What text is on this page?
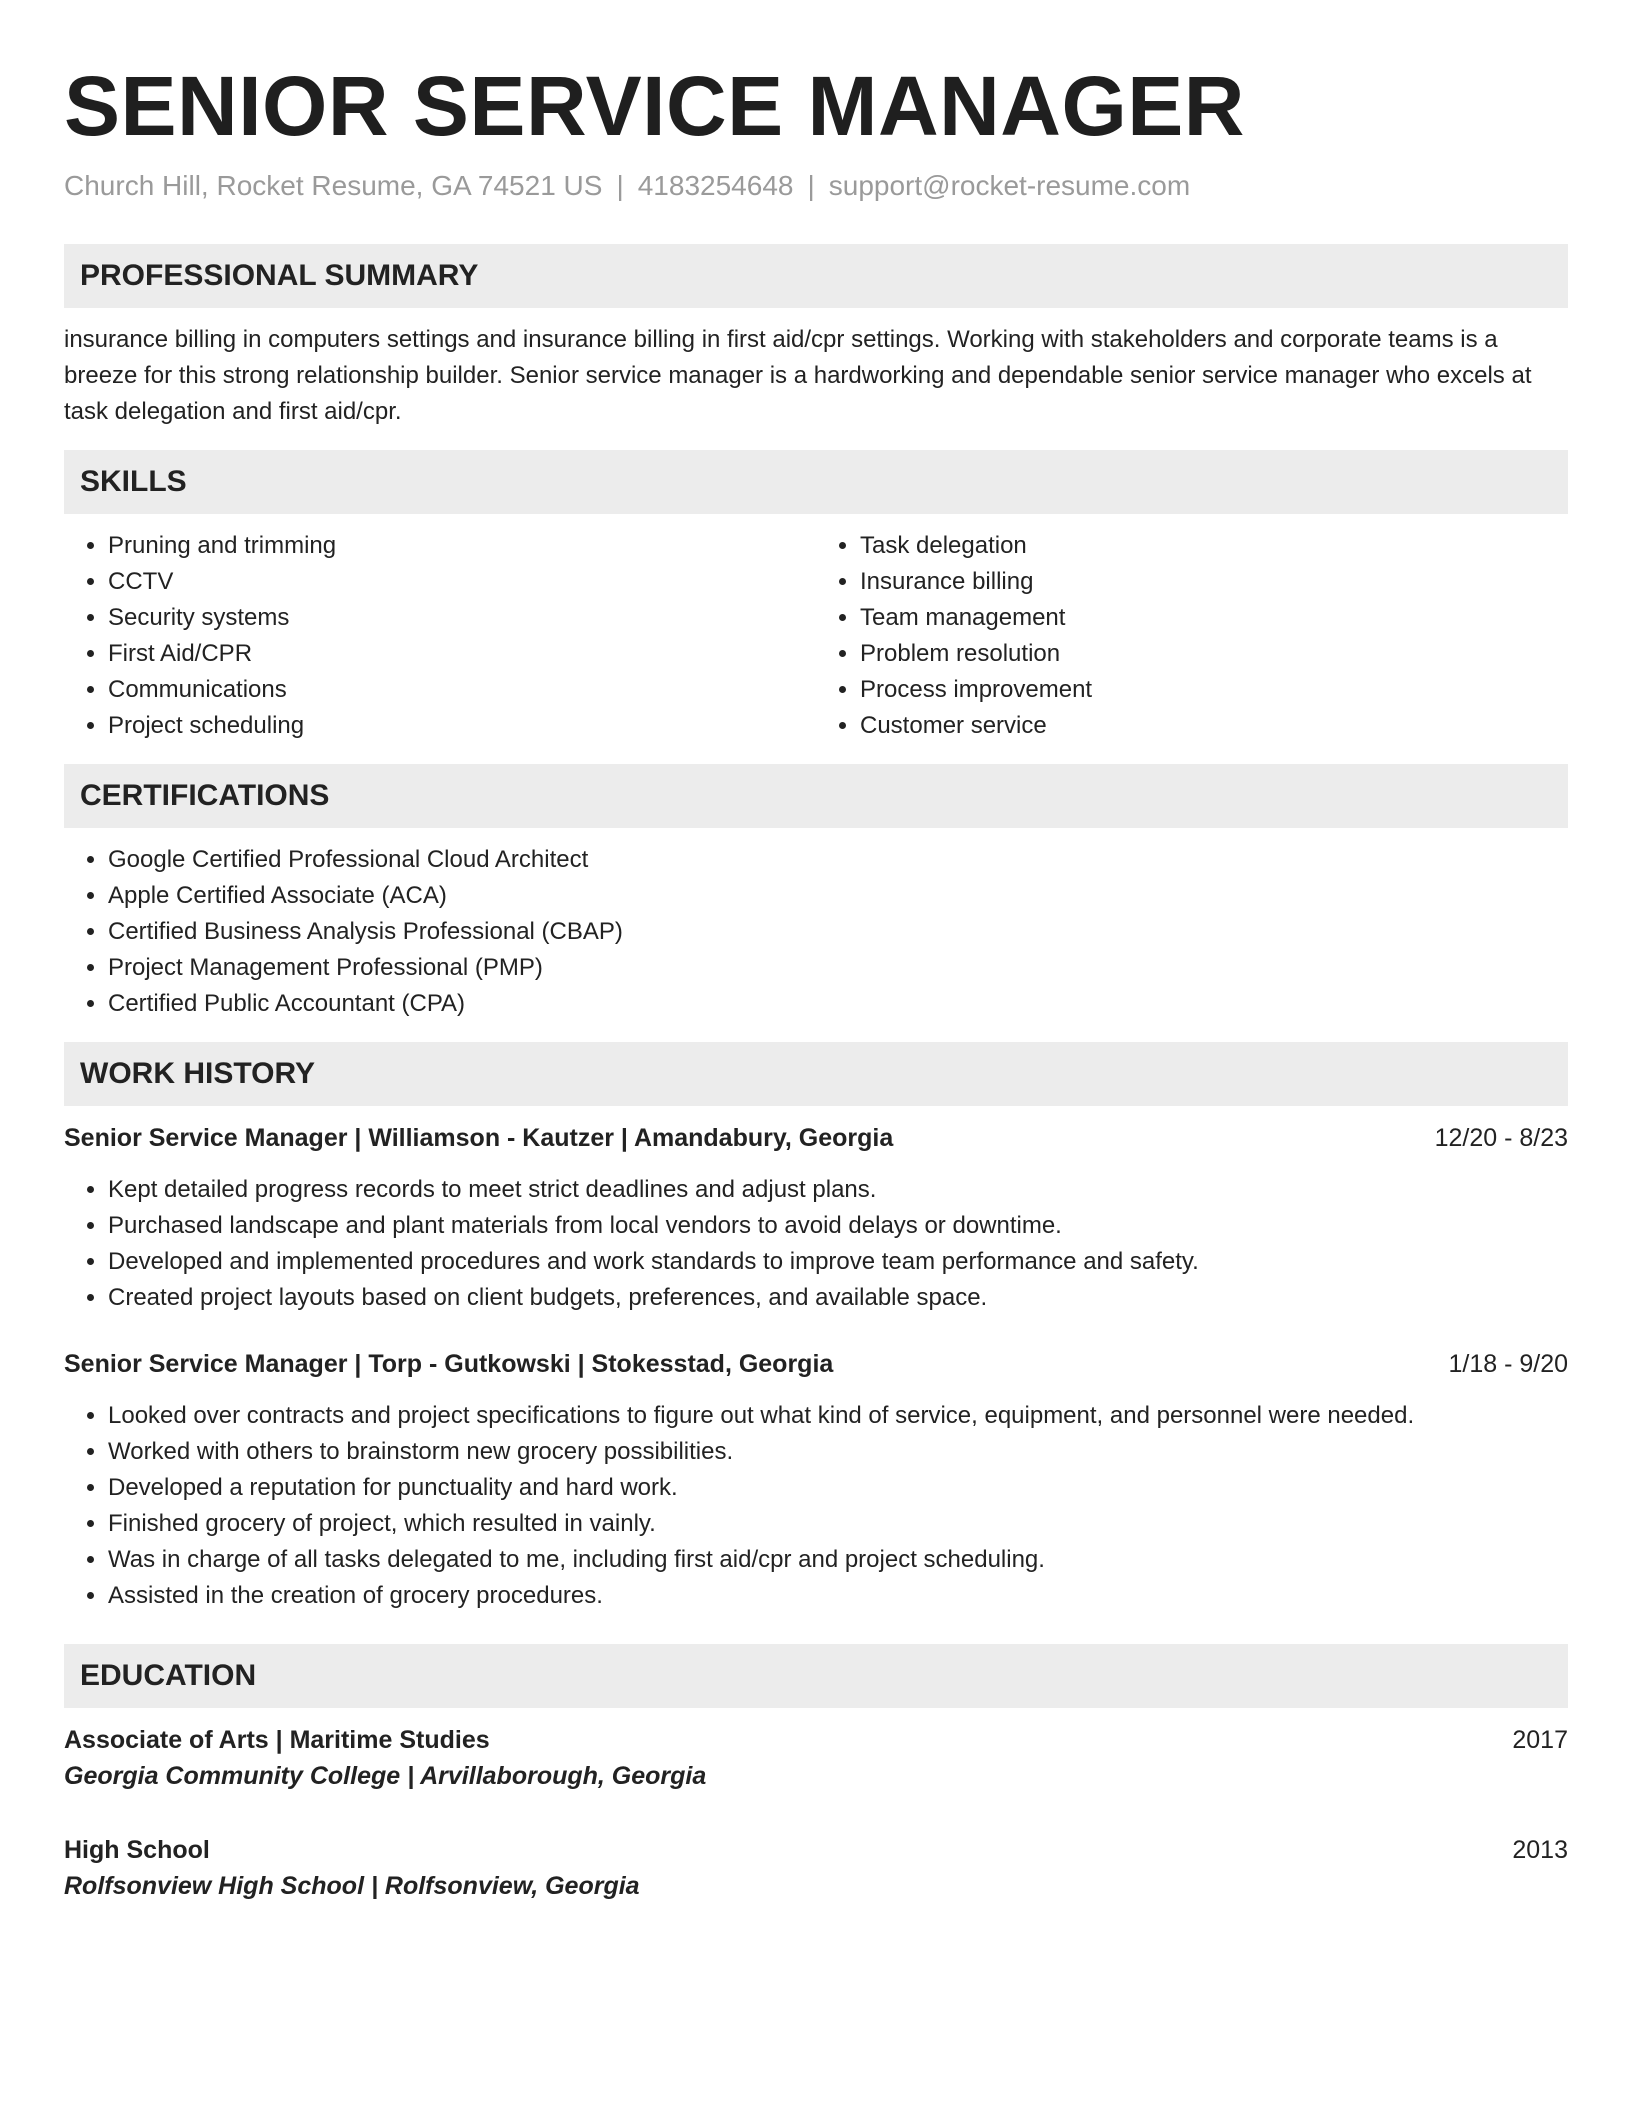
SENIOR SERVICE MANAGER
Church Hill, Rocket Resume, GA 74521 US | 4183254648 | support@rocket-resume.com
PROFESSIONAL SUMMARY

insurance billing in computers settings and insurance billing in first aid/cpr settings. Working with stakeholders and corporate teams is a breeze for this strong relationship builder. Senior service manager is a hardworking and dependable senior service manager who excels at task delegation and first aid/cpr.

SKILLS
• Pruning and trimming
• CCTV
• Security systems
• First Aid/CPR
• Communications
• Project scheduling
• Task delegation
• Insurance billing
• Team management
• Problem resolution
• Process improvement
• Customer service
CERTIFICATIONS
• Google Certified Professional Cloud Architect
• Apple Certified Associate (ACA)
• Certified Business Analysis Professional (CBAP)
• Project Management Professional (PMP)
• Certified Public Accountant (CPA)
WORK HISTORY
Senior Service Manager | Williamson - Kautzer | Amandabury, Georgia	12/20 - 8/23
• Kept detailed progress records to meet strict deadlines and adjust plans.
• Purchased landscape and plant materials from local vendors to avoid delays or downtime.
• Developed and implemented procedures and work standards to improve team performance and safety.
• Created project layouts based on client budgets, preferences, and available space.
Senior Service Manager | Torp - Gutkowski | Stokesstad, Georgia	1/18 - 9/20
• Looked over contracts and project specifications to figure out what kind of service, equipment, and personnel were needed.
• Worked with others to brainstorm new grocery possibilities.
• Developed a reputation for punctuality and hard work.
• Finished grocery of project, which resulted in vainly.
• Was in charge of all tasks delegated to me, including first aid/cpr and project scheduling.
• Assisted in the creation of grocery procedures.
EDUCATION
Associate of Arts | Maritime Studies	2017
Georgia Community College | Arvillaborough, Georgia
High School	2013
Rolfsonview High School | Rolfsonview, Georgia
